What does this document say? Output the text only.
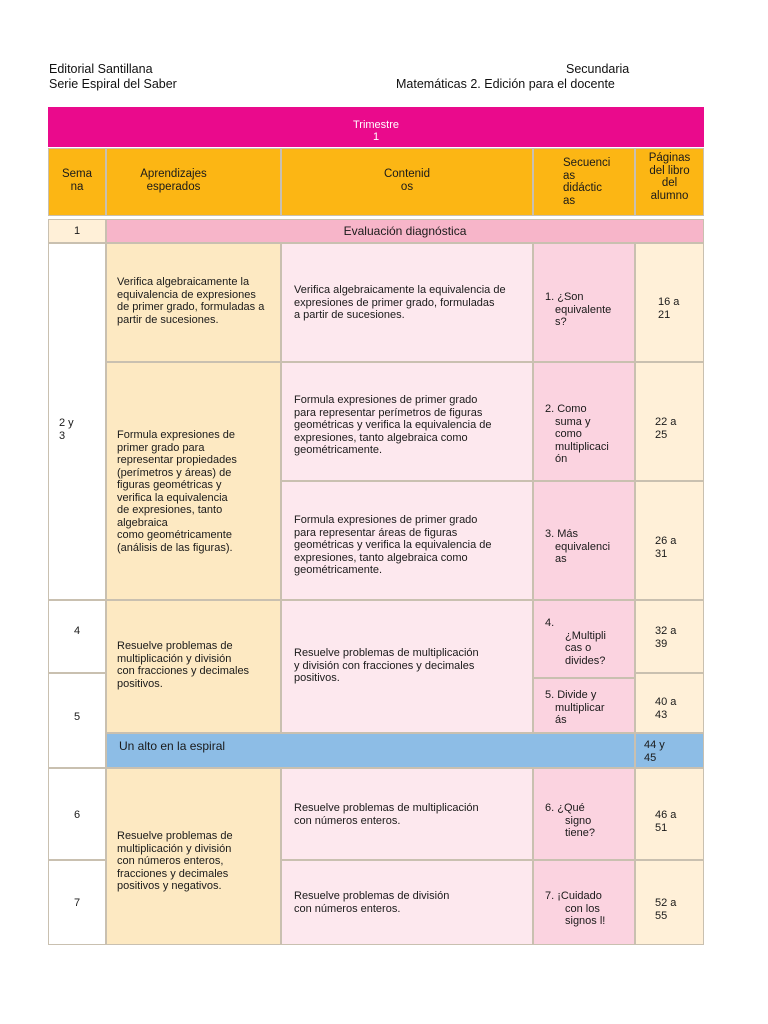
Editorial Santillana
Serie Espiral del Saber
Secundaria
Matemáticas 2. Edición para el docente
Trimestre
1
Sema
na
Aprendizajes
esperados
Contenid
os
Secuenci
as
didáctic
as
Páginas
del libro
del
alumno
1	Evaluación diagnóstica
2 y
3
Verifica algebraicamente la
equivalencia de expresiones
de primer grado, formuladas a
partir de sucesiones.
Formula expresiones de
primer grado para
representar propiedades
(perímetros y áreas) de
figuras geométricas y
verifica la equivalencia
de expresiones, tanto
algebraica
como geométricamente
(análisis de las figuras).
Verifica algebraicamente la equivalencia de
expresiones de primer grado, formuladas
a partir de sucesiones.
Formula expresiones de primer grado
para representar perímetros de figuras
geométricas y verifica la equivalencia de
expresiones, tanto algebraica como
geométricamente.
Formula expresiones de primer grado
para representar áreas de figuras
geométricas y verifica la equivalencia de
expresiones, tanto algebraica como
geométricamente.
1. ¿Son
equivalente
s?
2. Como
suma y
como
multiplicaci
ón
3. Más
equivalenci
as
16 a
21
22 a
25
26 a
31
4
5
Resuelve problemas de
multiplicación y división
con fracciones y decimales
positivos.
Resuelve problemas de multiplicación
y división con fracciones y decimales
positivos.
4.
¿Multipli
cas o
divides?
5. Divide y
multiplicar
ás
32 a
39
40 a
43
Un alto en la espiral	44 y
45
6
7
Resuelve problemas de
multiplicación y división
con números enteros,
fracciones y decimales
positivos y negativos.
Resuelve problemas de multiplicación
con números enteros.
Resuelve problemas de división
con números enteros.
6. ¿Qué
signo
tiene?
7. ¡Cuidado
con los
signos l!
46 a
51
52 a
55
